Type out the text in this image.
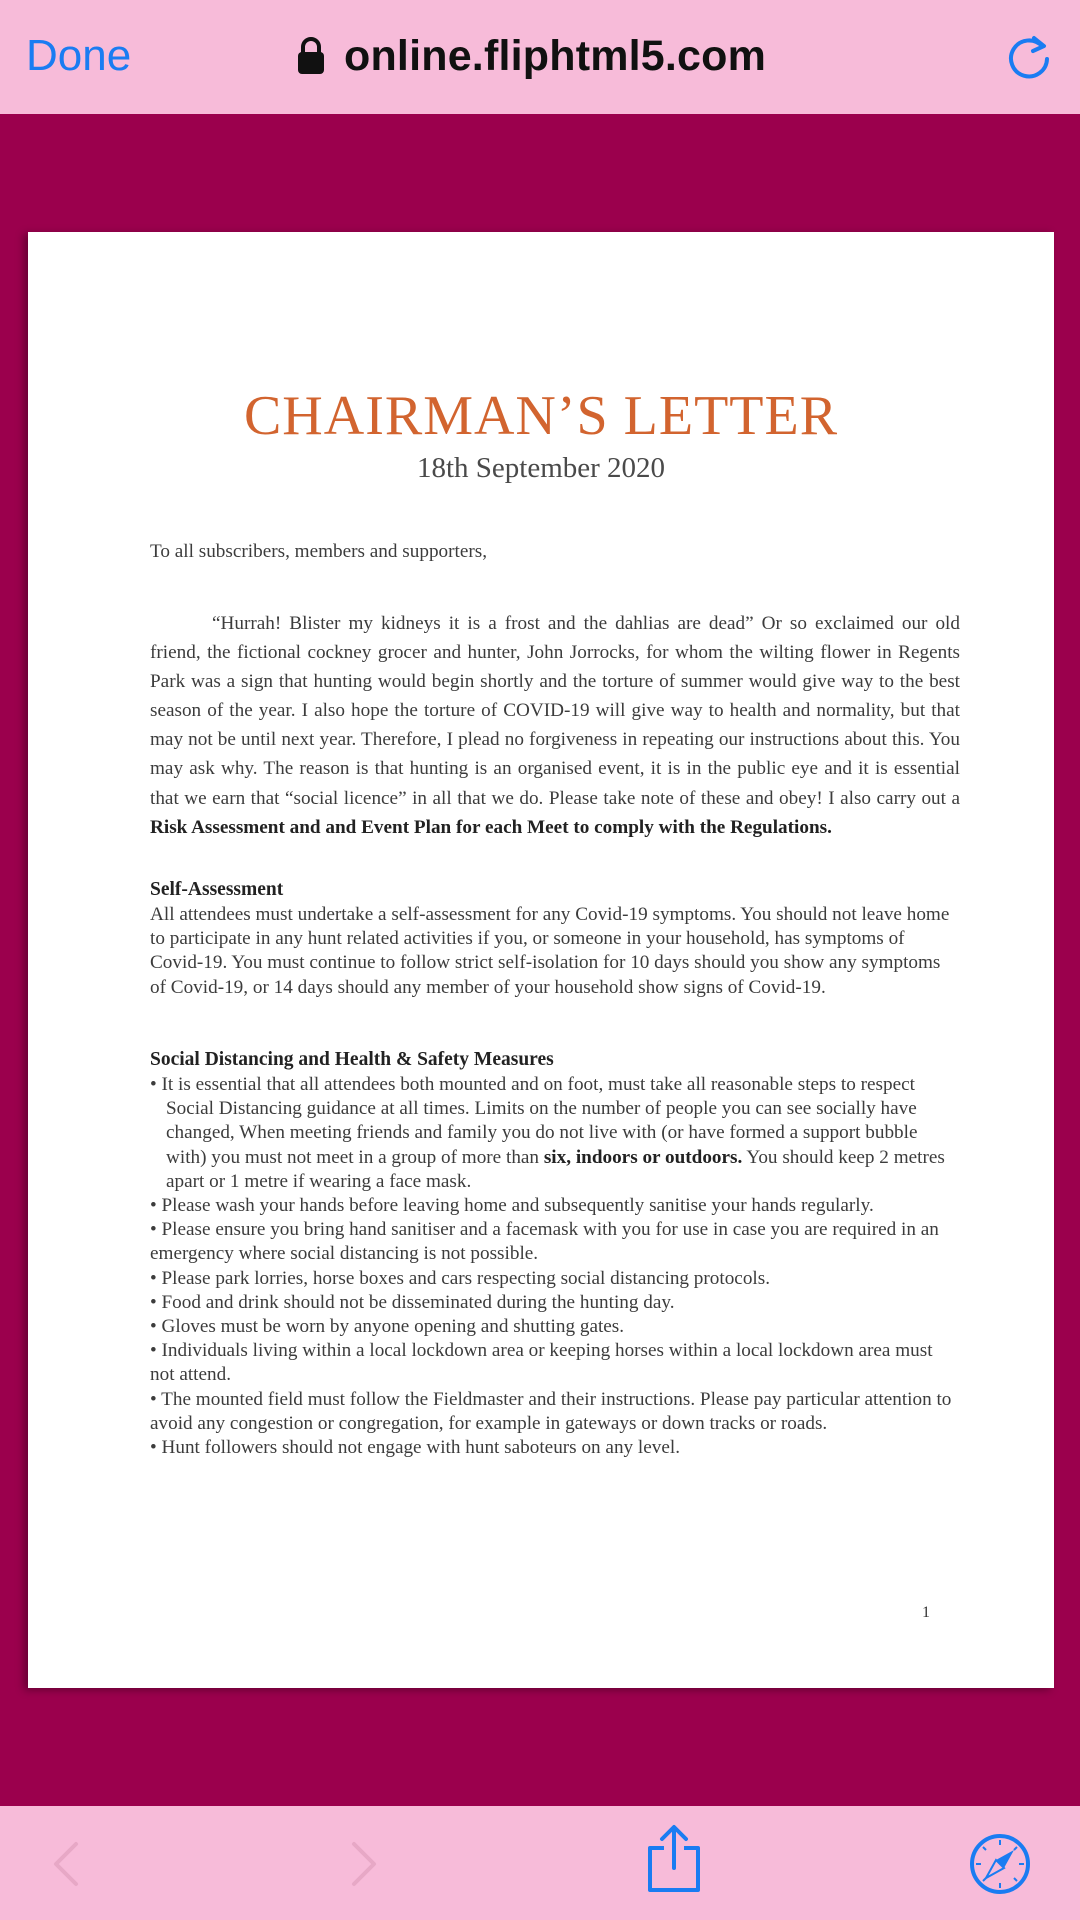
Done	online.fliphtml5.com
CHAIRMAN’S LETTER
18th September 2020
To all subscribers, members and supporters,
“Hurrah! Blister my kidneys it is a frost and the dahlias are dead” Or so exclaimed our old friend, the fictional cockney grocer and hunter, John Jorrocks, for whom the wilting flower in Regents Park was a sign that hunting would begin shortly and the torture of summer would give way to the best season of the year. I also hope the torture of COVID-19 will give way to health and normality, but that may not be until next year. Therefore, I plead no forgiveness in repeating our instructions about this. You may ask why. The reason is that hunting is an organised event, it is in the public eye and it is essential that we earn that “social licence” in all that we do. Please take note of these and obey! I also carry out a Risk Assessment and and Event Plan for each Meet to comply with the Regulations.
Self-Assessment
All attendees must undertake a self-assessment for any Covid-19 symptoms. You should not leave home to participate in any hunt related activities if you, or someone in your household, has symptoms of Covid-19. You must continue to follow strict self-isolation for 10 days should you show any symptoms of Covid-19, or 14 days should any member of your household show signs of Covid-19.
Social Distancing and Health & Safety Measures
• It is essential that all attendees both mounted and on foot, must take all reasonable steps to respect Social Distancing guidance at all times. Limits on the number of people you can see socially have changed, When meeting friends and family you do not live with (or have formed a support bubble with) you must not meet in a group of more than six, indoors or outdoors. You should keep 2 metres apart or 1 metre if wearing a face mask.
• Please wash your hands before leaving home and subsequently sanitise your hands regularly.
• Please ensure you bring hand sanitiser and a facemask with you for use in case you are required in an emergency where social distancing is not possible.
• Please park lorries, horse boxes and cars respecting social distancing protocols.
• Food and drink should not be disseminated during the hunting day.
• Gloves must be worn by anyone opening and shutting gates.
• Individuals living within a local lockdown area or keeping horses within a local lockdown area must not attend.
• The mounted field must follow the Fieldmaster and their instructions. Please pay particular attention to avoid any congestion or congregation, for example in gateways or down tracks or roads.
• Hunt followers should not engage with hunt saboteurs on any level.
1
